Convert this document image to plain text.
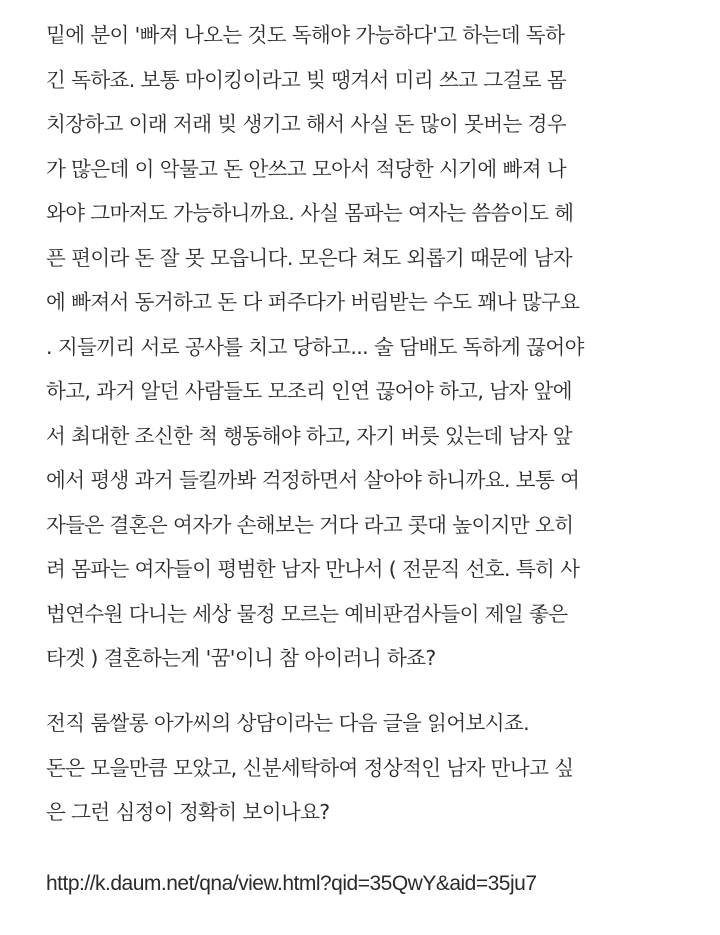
밑에 분이 '빠져 나오는 것도 독해야 가능하다'고 하는데 독하
긴 독하죠. 보통 마이킹이라고 빚 땡겨서 미리 쓰고 그걸로 몸
치장하고 이래 저래 빚 생기고 해서 사실 돈 많이 못버는 경우
가 많은데 이 악물고 돈 안쓰고 모아서 적당한 시기에 빠져 나
와야 그마저도 가능하니까요. 사실 몸파는 여자는 씀씀이도 헤
픈 편이라 돈 잘 못 모읍니다. 모은다 쳐도 외롭기 때문에 남자
에 빠져서 동거하고 돈 다 퍼주다가 버림받는 수도 꽤나 많구요
. 지들끼리 서로 공사를 치고 당하고... 술 담배도 독하게 끊어야
하고, 과거 알던 사람들도 모조리 인연 끊어야 하고, 남자 앞에
서 최대한 조신한 척 행동해야 하고, 자기 버릇 있는데 남자 앞
에서 평생 과거 들킬까봐 걱정하면서 살아야 하니까요. 보통 여
자들은 결혼은 여자가 손해보는 거다 라고 콧대 높이지만 오히
려 몸파는 여자들이 평범한 남자 만나서 ( 전문직 선호. 특히 사
법연수원 다니는 세상 물정 모르는 예비판검사들이 제일 좋은
타겟 ) 결혼하는게 '꿈'이니 참 아이러니 하죠?
전직 룸쌀롱 아가씨의 상담이라는 다음 글을 읽어보시죠.
돈은 모을만큼 모았고, 신분세탁하여 정상적인 남자 만나고 싶
은 그런 심정이 정확히 보이나요?
http://k.daum.net/qna/view.html?qid=35QwY&aid=35ju7
